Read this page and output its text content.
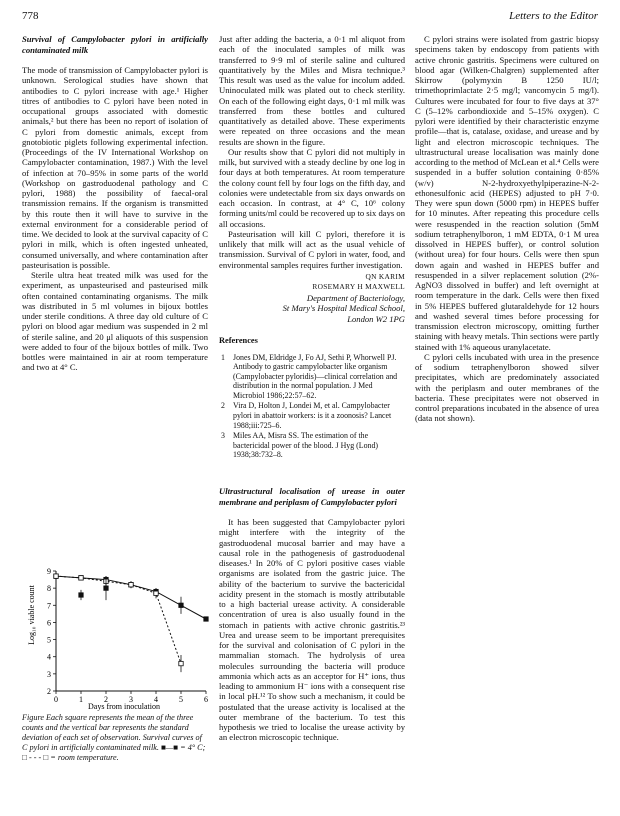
778	Letters to the Editor
Survival of Campylobacter pylori in artificially contaminated milk

The mode of transmission of Campylobacter pylori is unknown. Serological studies have shown that antibodies to C pylori increase with age.¹ Higher titres of antibodies to C pylori have been noted in occupational groups associated with domestic animals,² but there has been no report of isolation of C pylori from domestic animals, except from gnotobiotic piglets following experimental infection. (Proceedings of the IV International Workshop on Campylobacter contamination, 1987.) With the level of infection at 70–95% in some parts of the world (Workshop on gastroduodenal pathology and C pylori, 1988) the possibility of faecal-oral transmission remains. If the organism is transmitted by this route then it will have to survive in the external environment for a considerable period of time. We decided to look at the survival capacity of C pylori in milk, which is often ingested unheated, consumed universally, and where contamination after pasteurisation is possible.

Sterile ultra heat treated milk was used for the experiment, as unpasteurised and pasteurised milk often contained contaminating organisms. The milk was distributed in 5 ml volumes in bijoux bottles under sterile conditions. A three day old culture of C pylori on blood agar medium was suspended in 2 ml of sterile saline, and 20 μl aliquots of this suspension were added to four of the bijoux bottles of milk. Two bottles were maintained in air at room temperature and two at 4° C.

0	1	2	3	4	5	6
2
3
4
5
6
7
8
9
Log₁₀ viable count
Days from inoculation
Figure Each square represents the mean of the three counts and the vertical bar represents the standard deviation of each set of observation. Survival curves of C pylori in artificially contaminated milk. ■—■ = 4° C; □ - - - □ = room temperature.

Just after adding the bacteria, a 0·1 ml aliquot from each of the inoculated samples of milk was transferred to 9·9 ml of sterile saline and cultured quantitatively by the Miles and Misra technique.³ This result was used as the value for incolum added. Uninoculated milk was plated out to check sterility. On each of the following eight days, 0·1 ml milk was transferred from these bottles and cultured quantitatively as detailed above. These experiments were repeated on three occasions and the mean results are shown in the figure.

Our results show that C pylori did not multiply in milk, but survived with a steady decline by one log in four days at both temperatures. At room temperature the colony count fell by four logs on the fifth day, and colonies were undetectable from six days onwards on each occasion. In contrast, at 4° C, 10⁶ colony forming units/ml could be recovered up to six days on all occasions.

Pasteurisation will kill C pylori, therefore it is unlikely that milk will act as the usual vehicle of transmission. Survival of C pylori in water, food, and environmental samples requires further investigation.

QN KARIM
ROSEMARY H MAXWELL
Department of Bacteriology,
St Mary's Hospital Medical School,
London W2 1PG
References
1 Jones DM, Eldridge J, Fo AJ, Sethi P, Whorwell PJ. Antibody to gastric campylobacter like organism (Campylobacter pyloridis)—clinical correlation and distribution in the normal population. J Med Microbiol 1986;22:57–62.
2 Vira D, Holton J, Londei M, et al. Campylobacter pylori in abattoir workers: is it a zoonosis? Lancet 1988;iii:725–6.
3 Miles AA, Misra SS. The estimation of the bactericidal power of the blood. J Hyg (Lond) 1938;38:732–8.
Ultrastructural localisation of urease in outer membrane and periplasm of Campylobacter pylori

It has been suggested that Campylobacter pylori might interfere with the integrity of the gastroduodenal mucosal barrier and may have a causal role in the pathogenesis of gastroduodenal diseases.¹ In 20% of C pylori positive cases viable organisms are isolated from the gastric juice. The ability of the bacterium to survive the bactericidal acidity present in the stomach is mostly attributable to a high bacterial urease activity. A considerable concentration of urea is also usually found in the stomach in patients with active chronic gastritis.²³ Urea and urease seem to be important prerequisites for the survival and colonisation of C pylori in the mammalian stomach. The hydrolysis of urea molecules surrounding the bacteria will produce ammonia which acts as an acceptor for H⁺ ions, thus leading to ammonium H⁻ ions with a consequent rise in local pH.¹² To show such a mechanism, it could be postulated that the urease activity is localised at the outer membrane of the bacterium. To test this hypothesis we tried to localise the urease activity by an electron microscopic technique.

C pylori strains were isolated from gastric biopsy specimens taken by endoscopy from patients with active chronic gastritis. Specimens were cultured on blood agar (Wilken-Chalgren) supplemented after Skirrow (polymyxin B 1250 IU/l; trimethoprimlactate 2·5 mg/l; vancomycin 5 mg/l). Cultures were incubated for four to five days at 37° C (5–12% carbondioxide and 5–15% oxygen). C pylori were identified by their characteristic enzyme profile—that is, catalase, oxidase, and urease and by light and electron microscopic techniques. The ultrastructural urease localisation was mainly done according to the method of McLean et al.⁴ Cells were suspended in a buffer solution containing 0·85% (w/v) N-2-hydroxyethylpiperazine-N-2-ethonesulfonic acid (HEPES) adjusted to pH 7·0. They were spun down (5000 rpm) in HEPES buffer for 10 minutes. After repeating this procedure cells were resuspended in the reaction solution (5mM sodium tetraphenylboron, 1 mM EDTA, 0·1 M urea dissolved in HEPES buffer), or control solution (without urea) for four hours. Cells were then spun down again and washed in HEPES buffer and resuspended in a silver replacement solution (2%-AgNO3 dissolved in buffer) and left overnight at room temperature in the dark. Cells were then fixed in 5% HEPES buffered glutaraldehyde for 12 hours and washed several times before processing for transmission electron microscopy, omitting further staining with heavy metals. Thin sections were partly stained with 1% aqueous uranylacetate.

C pylori cells incubated with urea in the presence of sodium tetraphenylboron showed silver precipitates, which are predominately associated with the periplasm and outer membranes of the bacteria. These precipitates were not observed in control preparations incubated in the absence of urea (data not shown).
